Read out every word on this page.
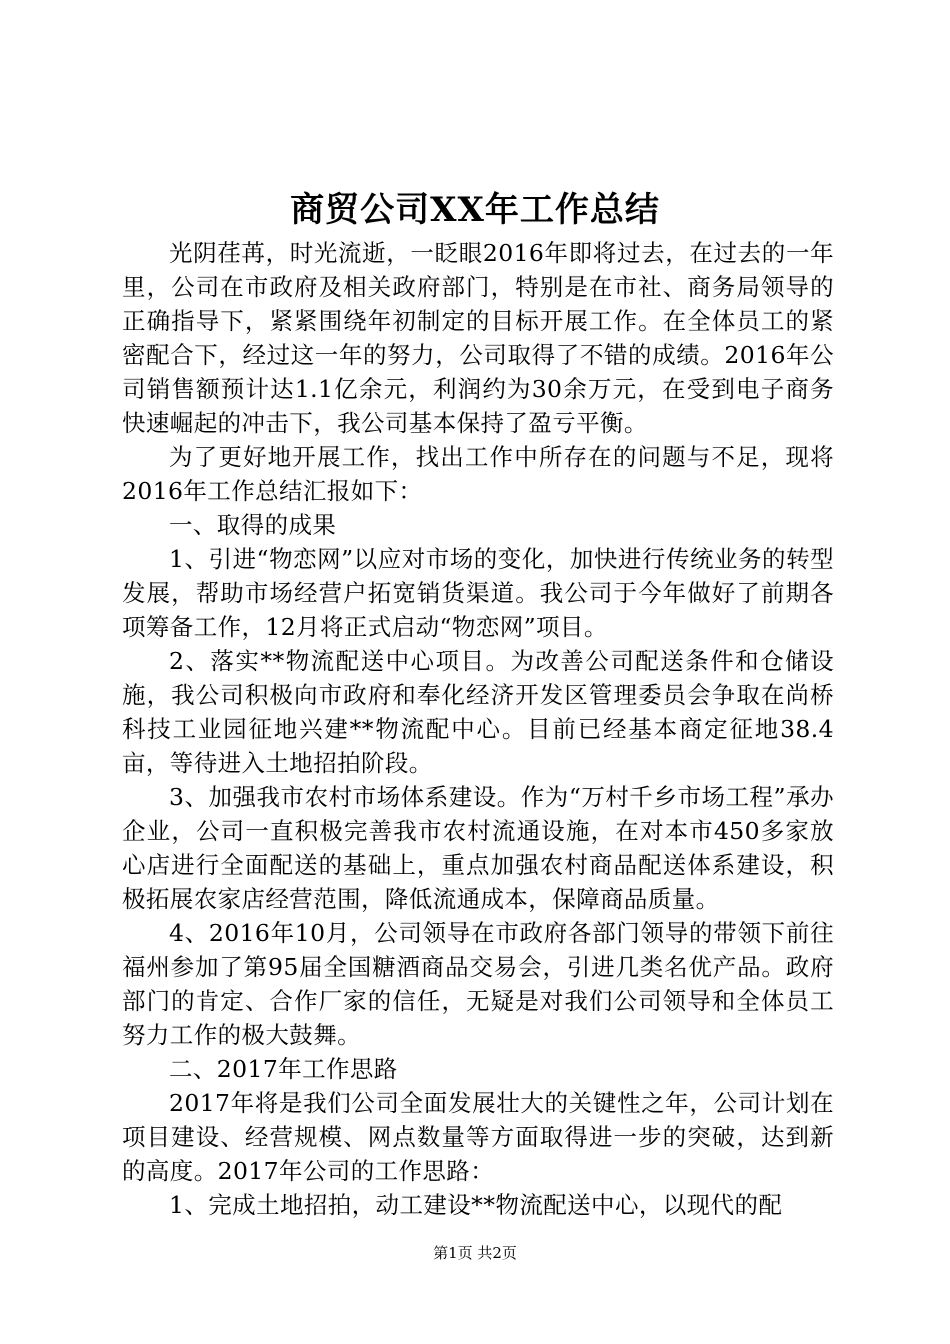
商贸公司XX年工作总结

光阴荏苒，时光流逝，一眨眼2016年即将过去，在过去的一年里，公司在市政府及相关政府部门，特别是在市社、商务局领导的正确指导下，紧紧围绕年初制定的目标开展工作。在全体员工的紧密配合下，经过这一年的努力，公司取得了不错的成绩。2016年公司销售额预计达1.1亿余元，利润约为30余万元，在受到电子商务快速崛起的冲击下，我公司基本保持了盈亏平衡。

为了更好地开展工作，找出工作中所存在的问题与不足，现将2016年工作总结汇报如下：

一、取得的成果

1、引进“物恋网”以应对市场的变化，加快进行传统业务的转型发展，帮助市场经营户拓宽销货渠道。我公司于今年做好了前期各项筹备工作，12月将正式启动“物恋网”项目。

2、落实**物流配送中心项目。为改善公司配送条件和仓储设施，我公司积极向市政府和奉化经济开发区管理委员会争取在尚桥科技工业园征地兴建**物流配中心。目前已经基本商定征地38.4亩，等待进入土地招拍阶段。

3、加强我市农村市场体系建设。作为“万村千乡市场工程”承办企业，公司一直积极完善我市农村流通设施，在对本市450多家放心店进行全面配送的基础上，重点加强农村商品配送体系建设，积极拓展农家店经营范围，降低流通成本，保障商品质量。

4、2016年10月，公司领导在市政府各部门领导的带领下前往福州参加了第95届全国糖酒商品交易会，引进几类名优产品。政府部门的肯定、合作厂家的信任，无疑是对我们公司领导和全体员工努力工作的极大鼓舞。

二、2017年工作思路

2017年将是我们公司全面发展壮大的关键性之年，公司计划在项目建设、经营规模、网点数量等方面取得进一步的突破，达到新的高度。2017年公司的工作思路：

1、完成土地招拍，动工建设**物流配送中心，以现代的配

第1页 共2页
